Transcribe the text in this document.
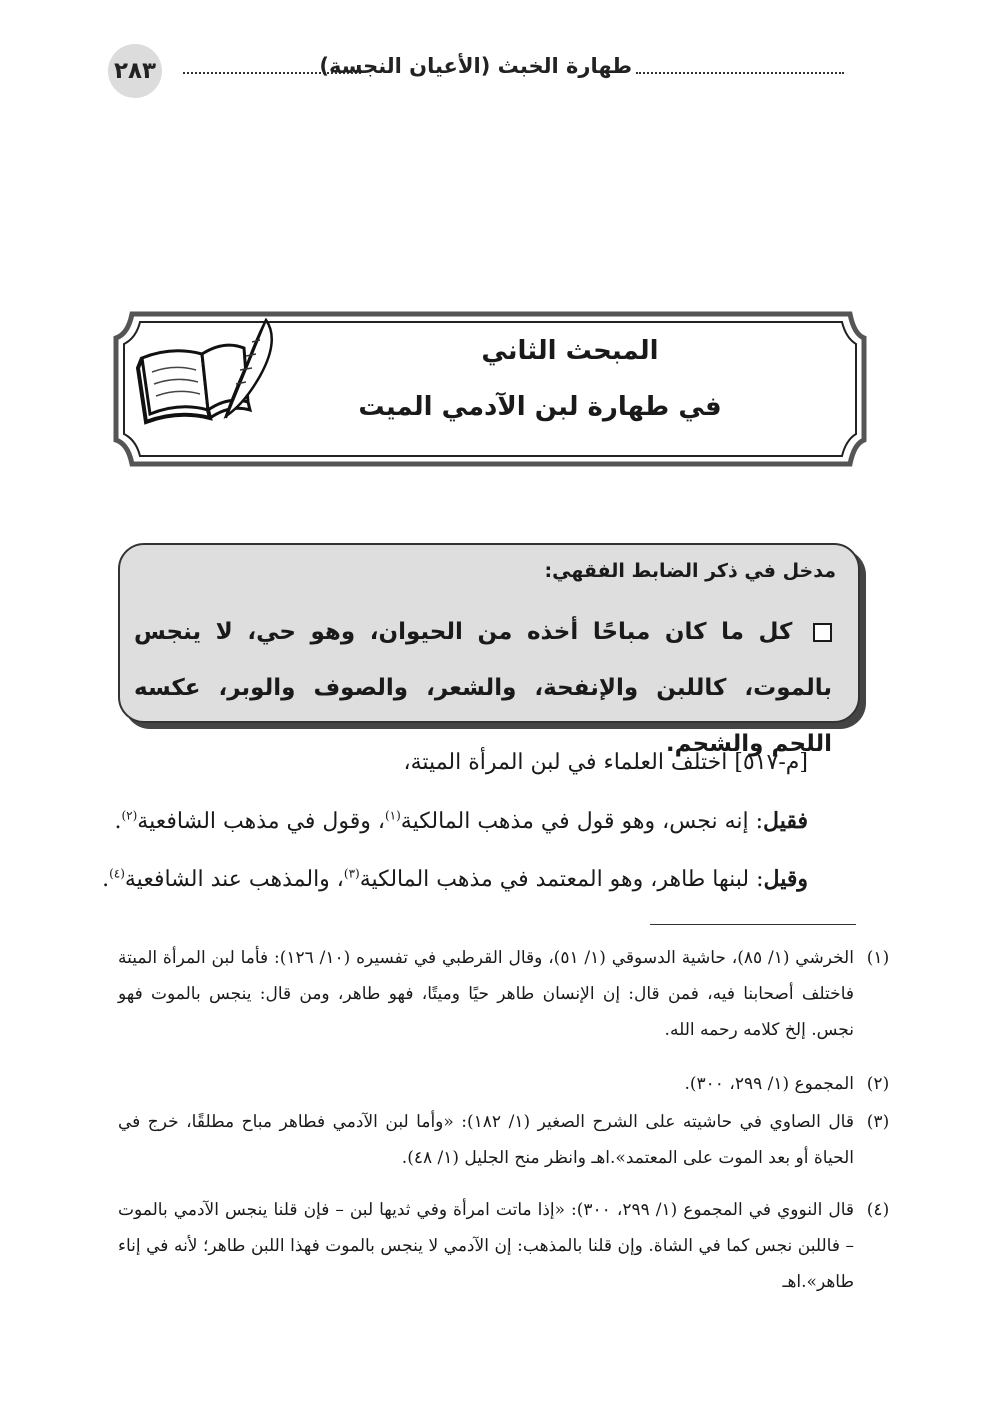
طهارة الخبث (الأعيان النجسة)
٢٨٣
المبحث الثاني
في طهارة لبن الآدمي الميت
مدخل في ذكر الضابط الفقهي:
كل ما كان مباحًا أخذه من الحيوان، وهو حي، لا ينجس بالموت، كاللبن والإنفحة، والشعر، والصوف والوبر، عكسه اللحم والشحم.
[م-٥١٧] اختلف العلماء في لبن المرأة الميتة،
فقيل: إنه نجس، وهو قول في مذهب المالكية$^{(١)}$، وقول في مذهب الشافعية$^{(٢)}$.
وقيل: لبنها طاهر، وهو المعتمد في مذهب المالكية$^{(٣)}$، والمذهب عند الشافعية$^{(٤)}$.
(١)
الخرشي (١/ ٨٥)، حاشية الدسوقي (١/ ٥١)، وقال القرطبي في تفسيره (١٠/ ١٢٦): فأما لبن المرأة الميتة فاختلف أصحابنا فيه، فمن قال: إن الإنسان طاهر حيًا وميتًا، فهو طاهر، ومن قال: ينجس بالموت فهو نجس. إلخ كلامه رحمه الله.
(٢)
المجموع (١/ ٢٩٩، ٣٠٠).
(٣)
قال الصاوي في حاشيته على الشرح الصغير (١/ ١٨٢): «وأما لبن الآدمي فطاهر مباح مطلقًا، خرج في الحياة أو بعد الموت على المعتمد».اهـ وانظر منح الجليل (١/ ٤٨).
(٤)
قال النووي في المجموع (١/ ٢٩٩، ٣٠٠): «إذا ماتت امرأة وفي ثديها لبن – فإن قلنا ينجس الآدمي بالموت – فاللبن نجس كما في الشاة. وإن قلنا بالمذهب: إن الآدمي لا ينجس بالموت فهذا اللبن طاهر؛ لأنه في إناء طاهر».اهـ
